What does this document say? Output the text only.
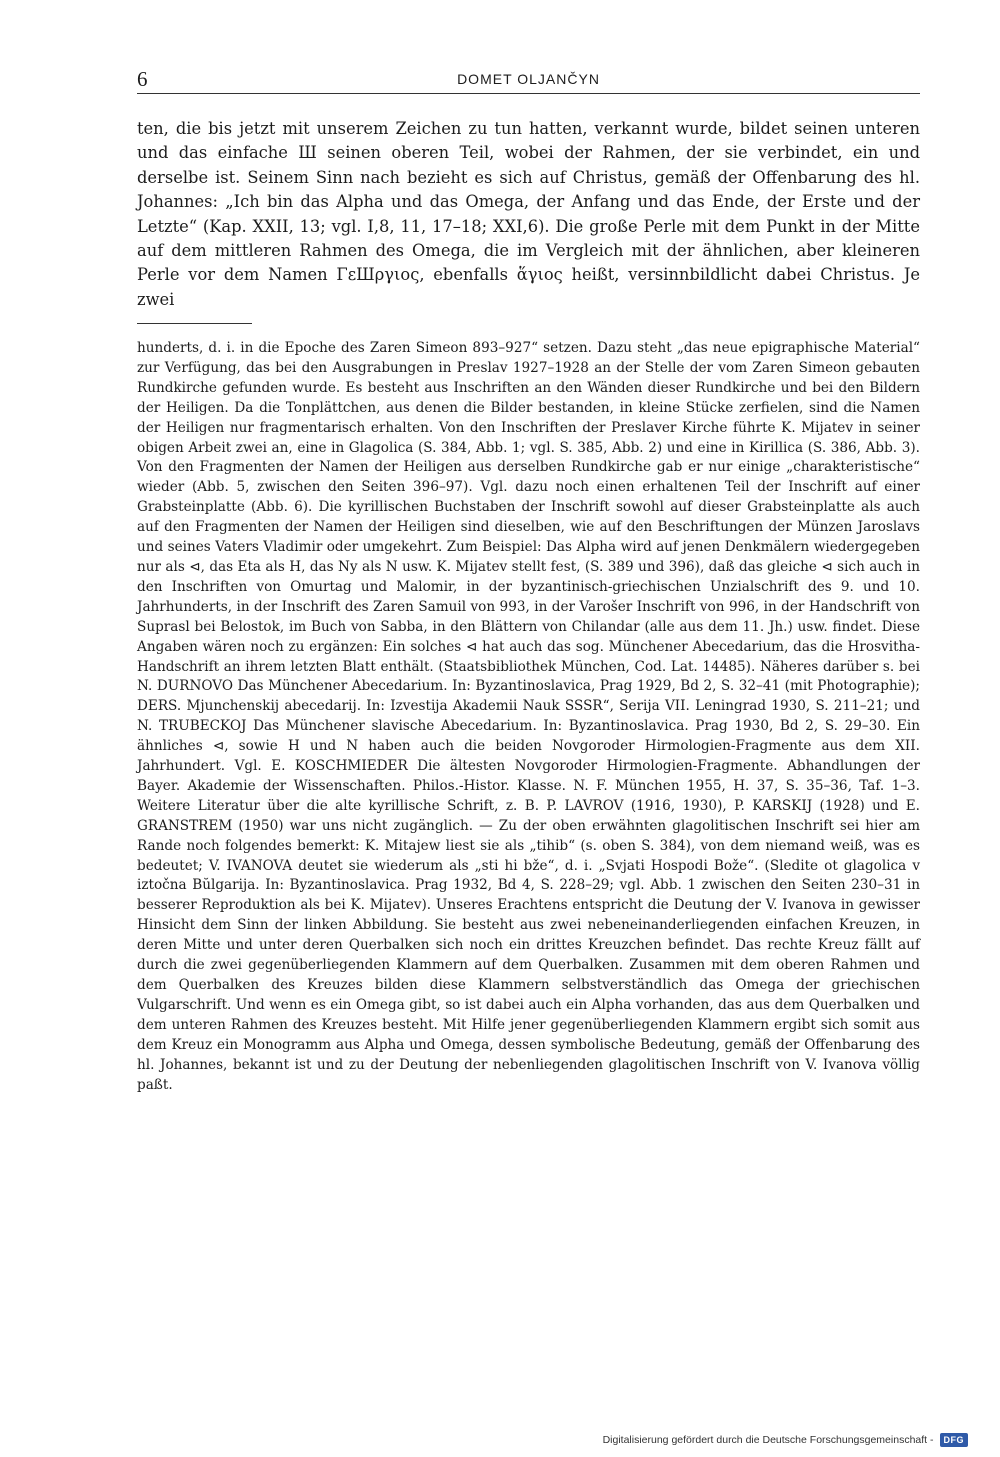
6	DOMET OLJANČYN

ten, die bis jetzt mit unserem Zeichen zu tun hatten, verkannt wurde, bildet seinen unteren und das einfache Ш seinen oberen Teil, wobei der Rahmen, der sie verbindet, ein und derselbe ist. Seinem Sinn nach bezieht es sich auf Christus, gemäß der Offenbarung des hl. Johannes: „Ich bin das Alpha und das Omega, der Anfang und das Ende, der Erste und der Letzte“ (Kap. XXII, 13; vgl. I,8, 11, 17–18; XXI,6). Die große Perle mit dem Punkt in der Mitte auf dem mittleren Rahmen des Omega, die im Vergleich mit der ähnlichen, aber kleineren Perle vor dem Namen ΓεШργιος, ebenfalls ἅγιος heißt, versinnbildlicht dabei Christus. Je zwei

hunderts, d. i. in die Epoche des Zaren Simeon 893–927“ setzen. Dazu steht „das neue epigraphische Material“ zur Verfügung, das bei den Ausgrabungen in Preslav 1927–1928 an der Stelle der vom Zaren Simeon gebauten Rundkirche gefunden wurde. Es besteht aus Inschriften an den Wänden dieser Rundkirche und bei den Bildern der Heiligen. Da die Tonplättchen, aus denen die Bilder bestanden, in kleine Stücke zerfielen, sind die Namen der Heiligen nur fragmentarisch erhalten. Von den Inschriften der Preslaver Kirche führte K. Mijatev in seiner obigen Arbeit zwei an, eine in Glagolica (S. 384, Abb. 1; vgl. S. 385, Abb. 2) und eine in Kirillica (S. 386, Abb. 3). Von den Fragmenten der Namen der Heiligen aus derselben Rundkirche gab er nur einige „charakteristische“ wieder (Abb. 5, zwischen den Seiten 396–97). Vgl. dazu noch einen erhaltenen Teil der Inschrift auf einer Grabsteinplatte (Abb. 6). Die kyrillischen Buchstaben der Inschrift sowohl auf dieser Grabsteinplatte als auch auf den Fragmenten der Namen der Heiligen sind dieselben, wie auf den Beschriftungen der Münzen Jaroslavs und seines Vaters Vladimir oder umgekehrt. Zum Beispiel: Das Alpha wird auf jenen Denkmälern wiedergegeben nur als ⊲, das Eta als H, das Ny als N usw. K. Mijatev stellt fest, (S. 389 und 396), daß das gleiche ⊲ sich auch in den Inschriften von Omurtag und Malomir, in der byzantinisch-griechischen Unzialschrift des 9. und 10. Jahrhunderts, in der Inschrift des Zaren Samuil von 993, in der Varošer Inschrift von 996, in der Handschrift von Suprasl bei Belostok, im Buch von Sabba, in den Blättern von Chilandar (alle aus dem 11. Jh.) usw. findet. Diese Angaben wären noch zu ergänzen: Ein solches ⊲ hat auch das sog. Münchener Abecedarium, das die Hrosvitha-Handschrift an ihrem letzten Blatt enthält. (Staatsbibliothek München, Cod. Lat. 14485). Näheres darüber s. bei N. DURNOVO Das Münchener Abecedarium. In: Byzantinoslavica, Prag 1929, Bd 2, S. 32–41 (mit Photographie); DERS. Mjunchenskij abecedarij. In: Izvestija Akademii Nauk SSSR“, Serija VII. Leningrad 1930, S. 211–21; und N. TRUBECKOJ Das Münchener slavische Abecedarium. In: Byzantinoslavica. Prag 1930, Bd 2, S. 29–30. Ein ähnliches ⊲, sowie H und N haben auch die beiden Novgoroder Hirmologien-Fragmente aus dem XII. Jahrhundert. Vgl. E. KOSCHMIEDER Die ältesten Novgoroder Hirmologien-Fragmente. Abhandlungen der Bayer. Akademie der Wissenschaften. Philos.-Histor. Klasse. N. F. München 1955, H. 37, S. 35–36, Taf. 1–3. Weitere Literatur über die alte kyrillische Schrift, z. B. P. LAVROV (1916, 1930), P. KARSKIJ (1928) und E. GRANSTREM (1950) war uns nicht zugänglich. — Zu der oben erwähnten glagolitischen Inschrift sei hier am Rande noch folgendes bemerkt: K. Mitajew liest sie als „tihib“ (s. oben S. 384), von dem niemand weiß, was es bedeutet; V. IVANOVA deutet sie wiederum als „sti hi bže“, d. i. „Svjati Hospodi Bože“. (Sledite ot glagolica v iztočna Bŭlgarija. In: Byzantinoslavica. Prag 1932, Bd 4, S. 228–29; vgl. Abb. 1 zwischen den Seiten 230–31 in besserer Reproduktion als bei K. Mijatev). Unseres Erachtens entspricht die Deutung der V. Ivanova in gewisser Hinsicht dem Sinn der linken Abbildung. Sie besteht aus zwei nebeneinanderliegenden einfachen Kreuzen, in deren Mitte und unter deren Querbalken sich noch ein drittes Kreuzchen befindet. Das rechte Kreuz fällt auf durch die zwei gegenüberliegenden Klammern auf dem Querbalken. Zusammen mit dem oberen Rahmen und dem Querbalken des Kreuzes bilden diese Klammern selbstverständlich das Omega der griechischen Vulgarschrift. Und wenn es ein Omega gibt, so ist dabei auch ein Alpha vorhanden, das aus dem Querbalken und dem unteren Rahmen des Kreuzes besteht. Mit Hilfe jener gegenüberliegenden Klammern ergibt sich somit aus dem Kreuz ein Monogramm aus Alpha und Omega, dessen symbolische Bedeutung, gemäß der Offenbarung des hl. Johannes, bekannt ist und zu der Deutung der nebenliegenden glagolitischen Inschrift von V. Ivanova völlig paßt.

Digitalisierung gefördert durch die Deutsche Forschungsgemeinschaft -	DFG
